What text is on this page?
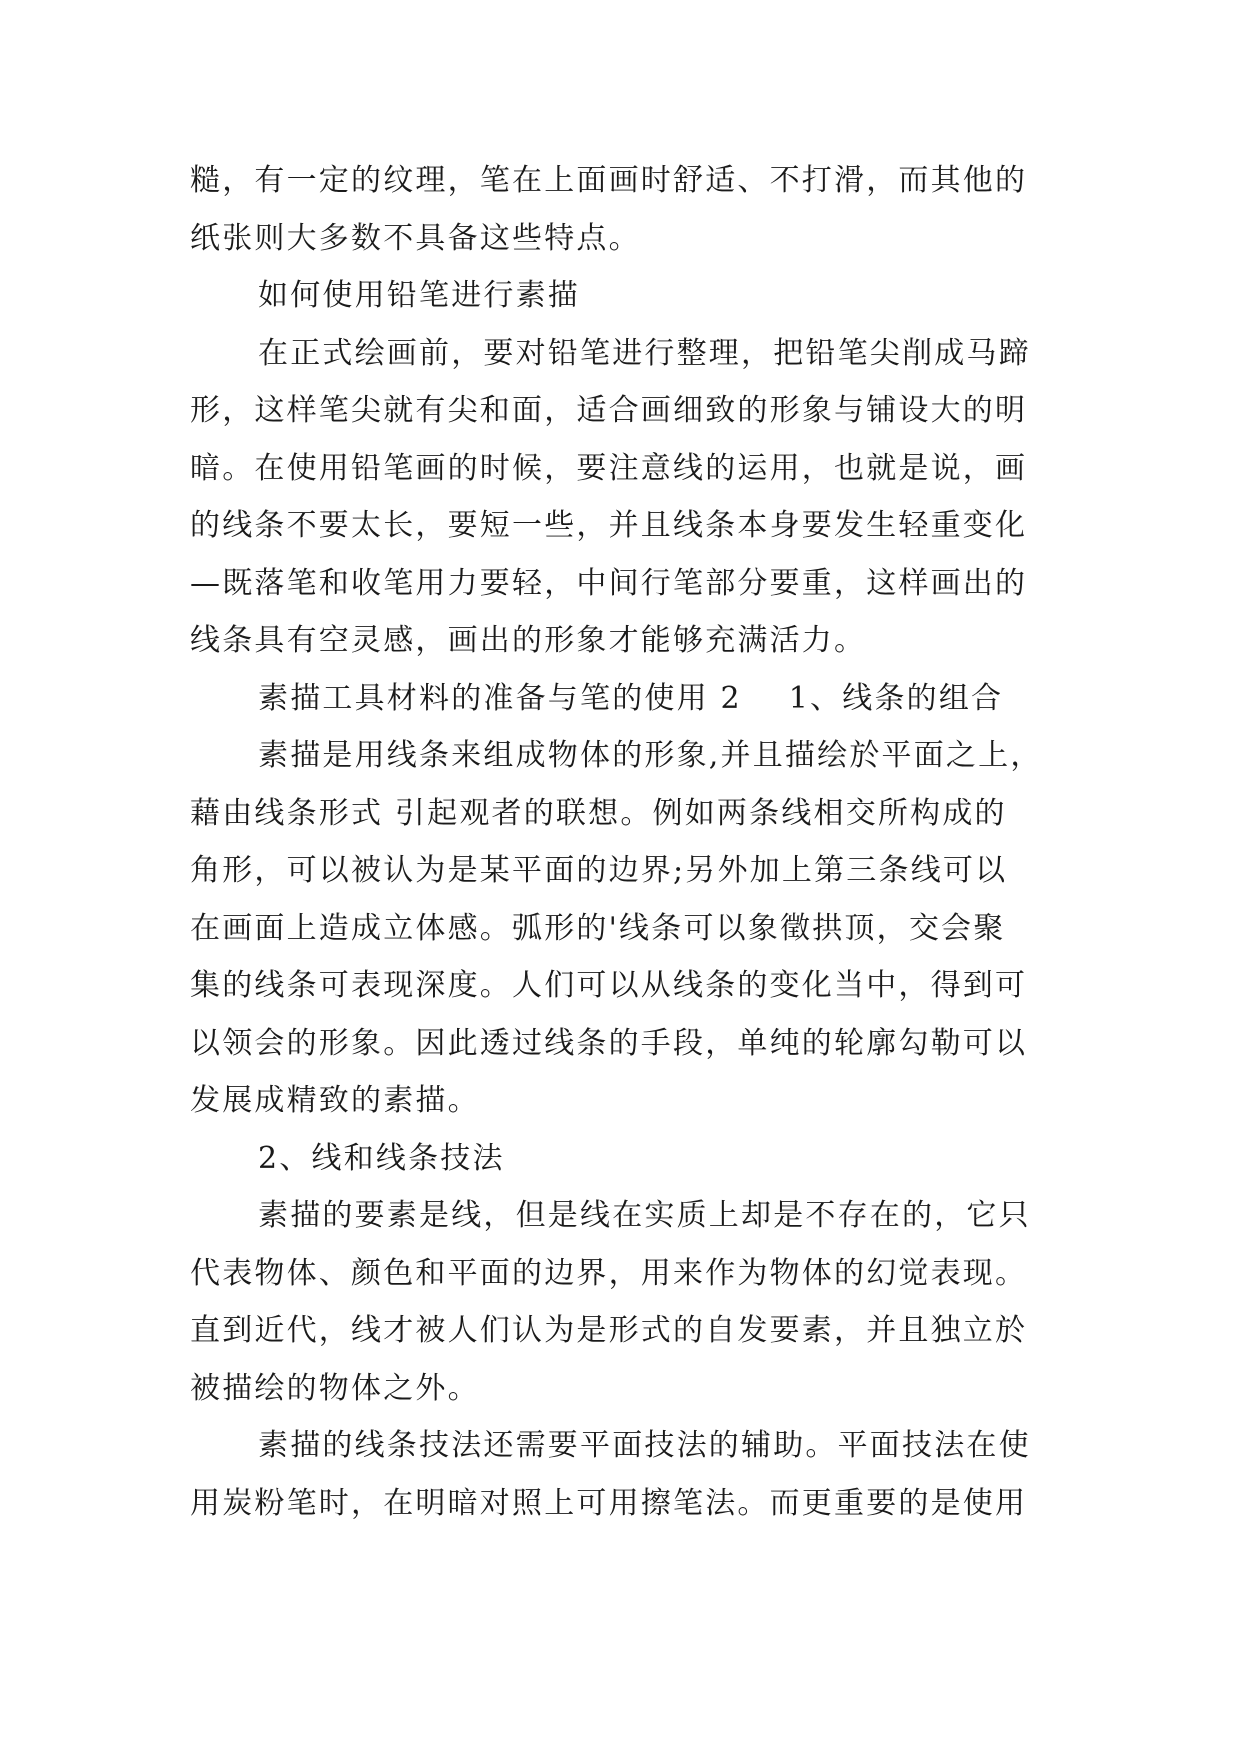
糙，有一定的纹理，笔在上面画时舒适、不打滑，而其他的
纸张则大多数不具备这些特点。
如何使用铅笔进行素描
在正式绘画前，要对铅笔进行整理，把铅笔尖削成马蹄
形，这样笔尖就有尖和面，适合画细致的形象与铺设大的明
暗。在使用铅笔画的时候，要注意线的运用，也就是说，画
的线条不要太长，要短一些，并且线条本身要发生轻重变化
—既落笔和收笔用力要轻，中间行笔部分要重，这样画出的
线条具有空灵感，画出的形象才能够充满活力。
素描工具材料的准备与笔的使用 2    1、线条的组合
素描是用线条来组成物体的形象,并且描绘於平面之上，
藉由线条形式 引起观者的联想。例如两条线相交所构成的
角形，可以被认为是某平面的边界;另外加上第三条线可以
在画面上造成立体感。弧形的'线条可以象徵拱顶，交会聚
集的线条可表现深度。人们可以从线条的变化当中，得到可
以领会的形象。因此透过线条的手段，单纯的轮廓勾勒可以
发展成精致的素描。
2、线和线条技法
素描的要素是线，但是线在实质上却是不存在的，它只
代表物体、颜色和平面的边界，用来作为物体的幻觉表现。
直到近代，线才被人们认为是形式的自发要素，并且独立於
被描绘的物体之外。
素描的线条技法还需要平面技法的辅助。平面技法在使
用炭粉笔时，在明暗对照上可用擦笔法。而更重要的是使用
